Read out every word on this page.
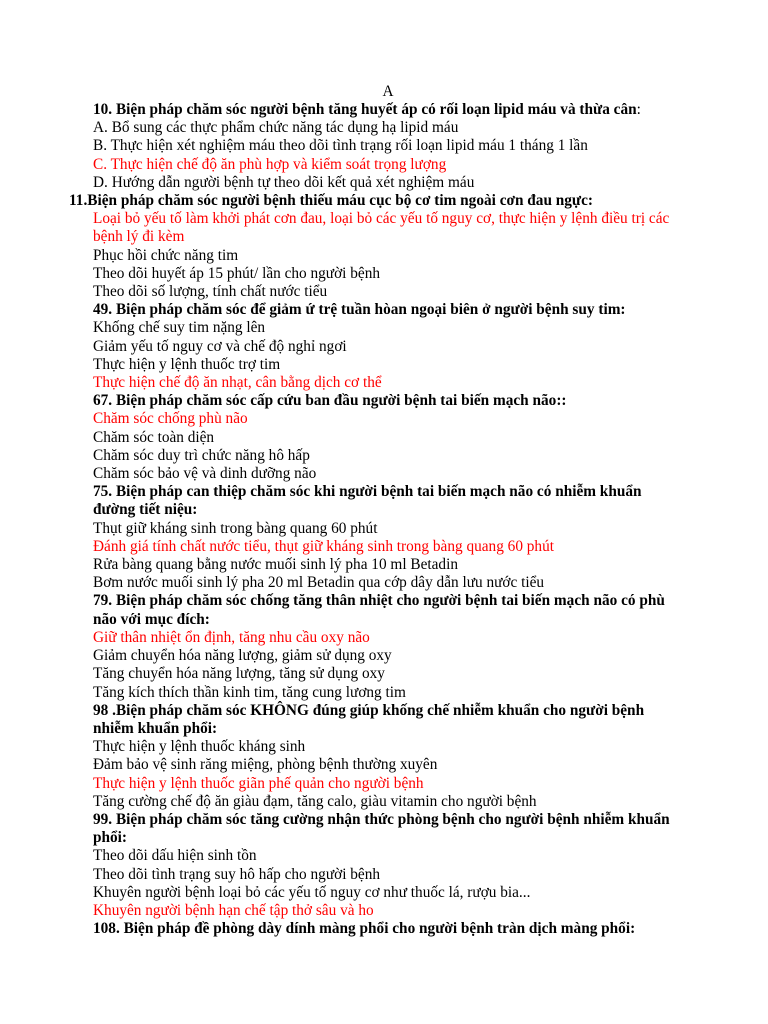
A
10. Biện pháp chăm sóc người bệnh tăng huyết áp có rối loạn lipid máu và thừa cân:
A. Bổ sung các thực phẩm chức năng tác dụng hạ lipid máu
B. Thực hiện xét nghiệm máu theo dõi tình trạng rối loạn lipid máu 1 tháng 1 lần
C. Thực hiện chế độ ăn phù hợp và kiểm soát trọng lượng
D. Hướng dẫn người bệnh tự theo dõi kết quả xét nghiệm máu
11.Biện pháp chăm sóc người bệnh thiếu máu cục bộ cơ tim ngoài cơn đau ngực:
Loại bỏ yếu tố làm khởi phát cơn đau, loại bỏ các yếu tố nguy cơ, thực hiện y lệnh điều trị các bệnh lý đi kèm
Phục hồi chức năng tim
Theo dõi huyết áp 15 phút/ lần cho người bệnh
Theo dõi số lượng, tính chất nước tiểu
49. Biện pháp chăm sóc để giảm ứ trệ tuần hòan ngoại biên ở người bệnh suy tim:
Khống chế suy tim nặng lên
Giảm yếu tố nguy cơ và chế độ nghỉ ngơi
Thực hiện y lệnh thuốc trợ tim
Thực hiện chế độ ăn nhạt, cân bằng dịch cơ thể
67. Biện pháp chăm sóc cấp cứu ban đầu người bệnh tai biến mạch não::
Chăm sóc chống phù não
Chăm sóc toàn diện
Chăm sóc duy trì chức năng hô hấp
Chăm sóc bảo vệ và dinh dưỡng não
75. Biện pháp can thiệp chăm sóc khi người bệnh tai biến mạch não có nhiễm khuẩn đường tiết niệu:
Thụt giữ kháng sinh trong bàng quang 60 phút
Đánh giá tính chất nước tiểu, thụt giữ kháng sinh trong bàng quang 60 phút
Rửa bàng quang bằng nước muối sinh lý pha 10 ml Betadin
Bơm nước muối sinh lý pha 20 ml Betadin qua cớp dây dẫn lưu nước tiểu
79. Biện pháp chăm sóc chống tăng thân nhiệt cho người bệnh tai biến mạch não có phù não với mục đích:
Giữ thân nhiệt ổn định, tăng nhu cầu oxy não
Giảm chuyển hóa năng lượng, giảm sử dụng oxy
Tăng chuyển hóa năng lượng, tăng sử dụng oxy
Tăng kích thích thần kinh tim, tăng cung lương tim
98 .Biện pháp chăm sóc KHÔNG đúng giúp khống chế nhiễm khuẩn cho người bệnh nhiễm khuẩn phổi:
Thực hiện y lệnh thuốc kháng sinh
Đảm bảo vệ sinh răng miệng, phòng bệnh thường xuyên
Thực hiện y lệnh thuốc giãn phế quản cho người bệnh
Tăng cường chế độ ăn giàu đạm, tăng calo, giàu vitamin cho người bệnh
99. Biện pháp chăm sóc tăng cường nhận thức phòng bệnh cho người bệnh nhiễm khuẩn phổi:
Theo dõi dấu hiện sinh tồn
Theo dõi tình trạng suy hô hấp cho người bệnh
Khuyên người bệnh loại bỏ các yếu tố nguy cơ như thuốc lá, rượu bia...
Khuyên người bệnh hạn chế tập thở sâu và ho
108. Biện pháp đề phòng dày dính màng phổi cho người bệnh tràn dịch màng phổi:
